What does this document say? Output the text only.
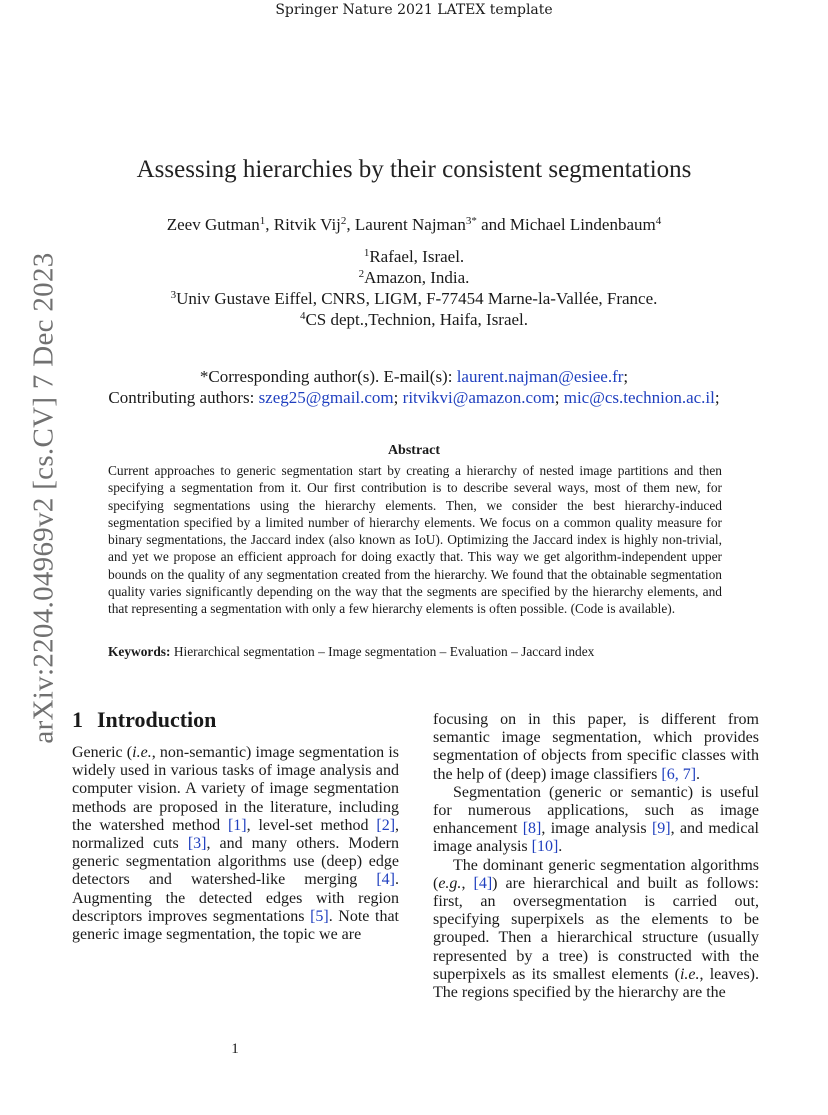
Springer Nature 2021 LATEX template
arXiv:2204.04969v2 [cs.CV] 7 Dec 2023
Assessing hierarchies by their consistent segmentations
Zeev Gutman$^1$, Ritvik Vij$^2$, Laurent Najman$^{3*}$ and Michael Lindenbaum$^4$
$^1$Rafael, Israel.
$^2$Amazon, India.
$^3$Univ Gustave Eiffel, CNRS, LIGM, F-77454 Marne-la-Vallée, France.
$^4$CS dept.,Technion, Haifa, Israel.
*Corresponding author(s). E-mail(s): laurent.najman@esiee.fr;
Contributing authors: szeg25@gmail.com; ritvikvi@amazon.com; mic@cs.technion.ac.il;
Abstract
Current approaches to generic segmentation start by creating a hierarchy of nested image partitions and then specifying a segmentation from it. Our first contribution is to describe several ways, most of them new, for specifying segmentations using the hierarchy elements. Then, we consider the best hierarchy-induced segmentation specified by a limited number of hierarchy elements. We focus on a common quality measure for binary segmentations, the Jaccard index (also known as IoU). Optimizing the Jaccard index is highly non-trivial, and yet we propose an efficient approach for doing exactly that. This way we get algorithm-independent upper bounds on the quality of any segmentation created from the hierarchy. We found that the obtainable segmentation quality varies significantly depending on the way that the segments are specified by the hierarchy elements, and that representing a segmentation with only a few hierarchy elements is often possible. (Code is available).
Keywords: Hierarchical segmentation – Image segmentation – Evaluation – Jaccard index
1 Introduction

Generic (i.e., non-semantic) image segmentation is widely used in various tasks of image analysis and computer vision. A variety of image segmentation methods are proposed in the literature, including the watershed method [1], level-set method [2], normalized cuts [3], and many others. Modern generic segmentation algorithms use (deep) edge detectors and watershed-like merging [4]. Augmenting the detected edges with region descriptors improves segmentations [5]. Note that generic image segmentation, the topic we are

focusing on in this paper, is different from semantic image segmentation, which provides segmentation of objects from specific classes with the help of (deep) image classifiers [6, 7].

Segmentation (generic or semantic) is useful for numerous applications, such as image enhancement [8], image analysis [9], and medical image analysis [10].

The dominant generic segmentation algorithms (e.g., [4]) are hierarchical and built as follows: first, an oversegmentation is carried out, specifying superpixels as the elements to be grouped. Then a hierarchical structure (usually represented by a tree) is constructed with the superpixels as its smallest elements (i.e., leaves). The regions specified by the hierarchy are the

1
